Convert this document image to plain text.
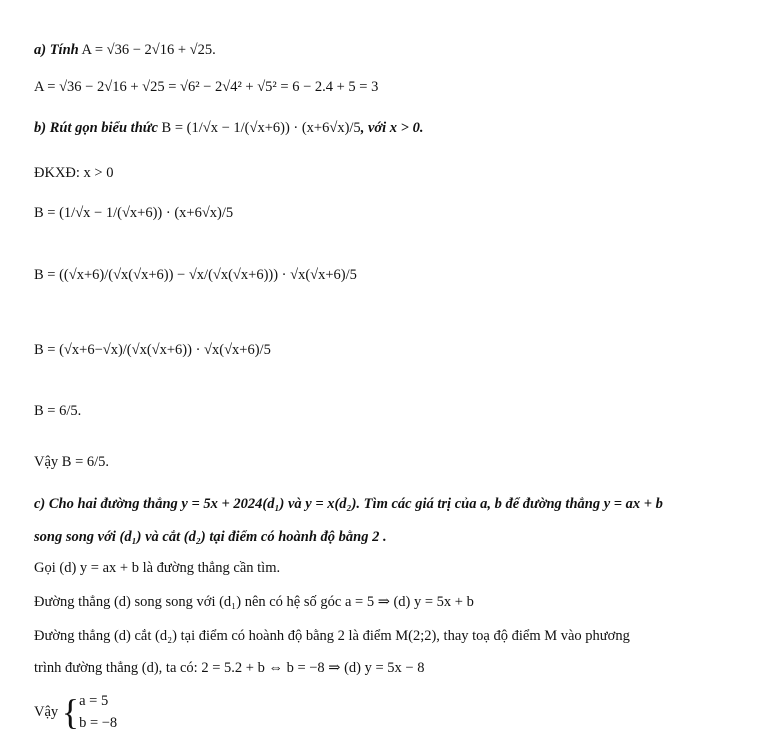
a) Tính A = √36 − 2√16 + √25.
A = √36 − 2√16 + √25 = √6² − 2√4² + √5² = 6 − 2.4 + 5 = 3
b) Rút gọn biểu thức B = (1/√x − 1/(√x+6)) · (x+6√x)/5, với x > 0.
ĐKXĐ: x > 0
B = (1/√x − 1/(√x+6)) · (x+6√x)/5
B = ((√x+6)/(√x(√x+6)) − √x/(√x(√x+6))) · √x(√x+6)/5
B = (√x+6−√x)/(√x(√x+6)) · √x(√x+6)/5
B = 6/5.
Vậy B = 6/5.
c) Cho hai đường thẳng y = 5x + 2024(d₁) và y = x(d₂). Tìm các giá trị của a, b để đường thẳng y = ax + b
song song với (d₁) và cắt (d₂) tại điểm có hoành độ bằng 2 .
Gọi (d) y = ax + b là đường thẳng cần tìm.
Đường thẳng (d) song song với (d₁) nên có hệ số góc a = 5 ⇒ (d) y = 5x + b
Đường thẳng (d) cắt (d₂) tại điểm có hoành độ bằng 2 là điểm M(2;2), thay toạ độ điểm M vào phương
trình đường thẳng (d), ta có: 2 = 5.2 + b ⇔ b = −8 ⇒ (d) y = 5x − 8
Vậy { a = 5
b = −8
